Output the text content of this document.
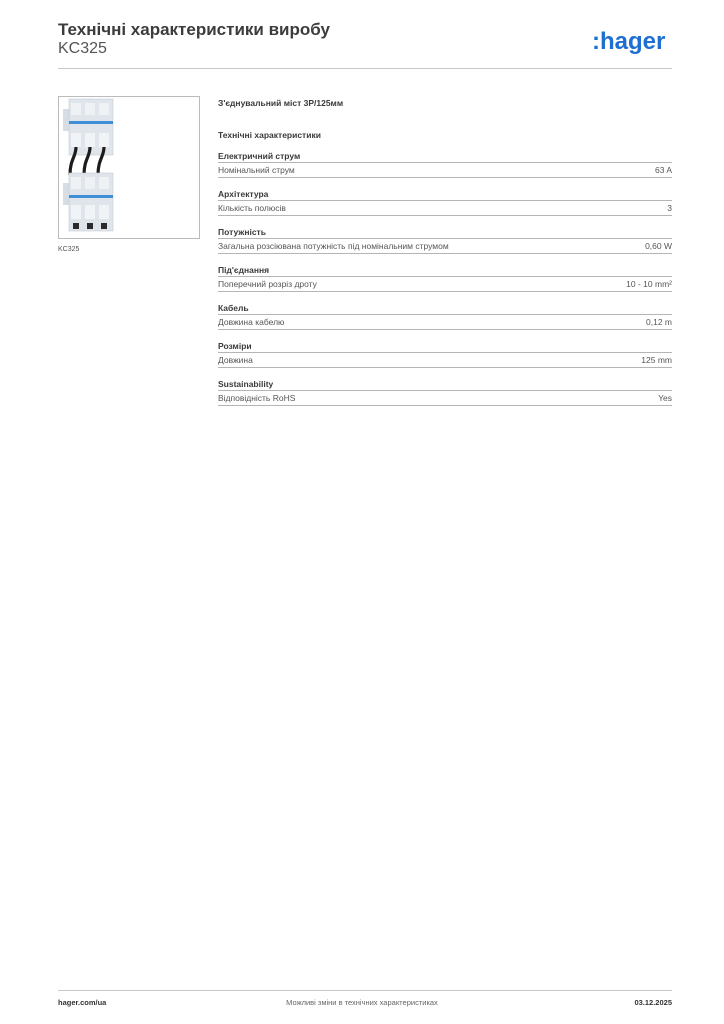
Технічні характеристики виробу
KC325	:hager
KC325
З'єднувальний міст 3P/125мм
Технічні характеристики
Електричний струм
Номінальний струм	63 A
Архітектура
Кількість полюсів	3
Потужність
Загальна розсіювана потужність під номінальним струмом	0,60 W
Під'єднання
Поперечний розріз дроту	10 - 10 mm²
Кабель
Довжина кабелю	0,12 m
Розміри
Довжина	125 mm
Sustainability
Відповідність RoHS	Yes
hager.com/ua	Можливі зміни в технічних характеристиках	03.12.2025
